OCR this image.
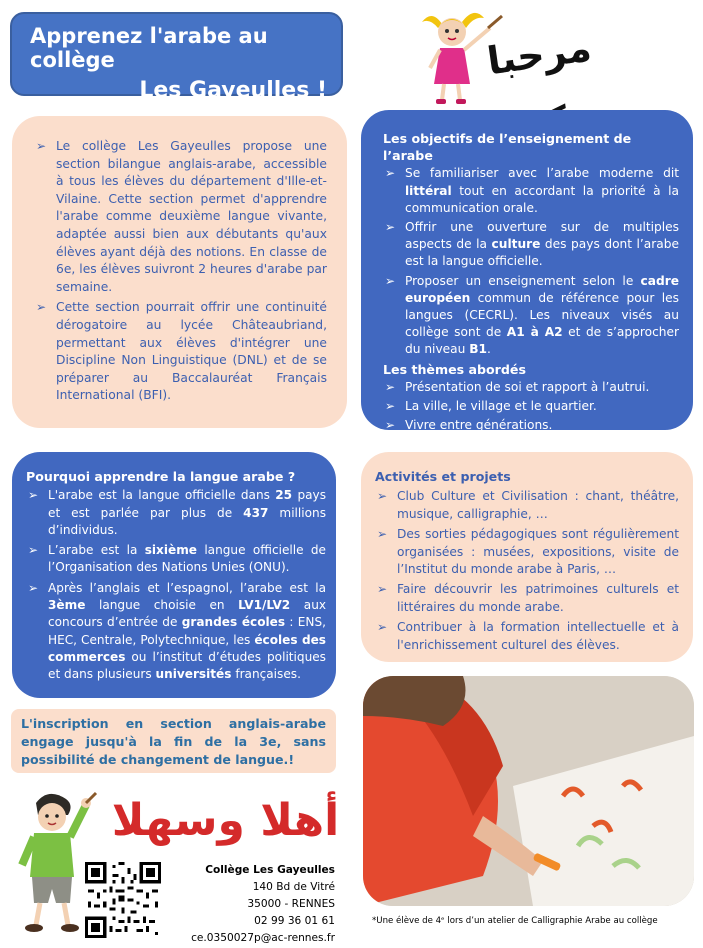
Apprenez l'arabe au collège
Les Gayeulles !
مرحبا
➢ Le collège Les Gayeulles propose une section bilangue anglais-arabe, accessible à tous les élèves du département d'Ille-et-Vilaine. Cette section permet d'apprendre l'arabe comme deuxième langue vivante, adaptée aussi bien aux débutants qu'aux élèves ayant déjà des notions. En classe de 6e, les élèves suivront 2 heures d'arabe par semaine.
➢ Cette section pourrait offrir une continuité dérogatoire au lycée Châteaubriand, permettant aux élèves d'intégrer une Discipline Non Linguistique (DNL) et de se préparer au Baccalauréat Français International (BFI).
Les objectifs de l’enseignement de l’arabe
➢ Se familiariser avec l’arabe moderne dit littéral tout en accordant la priorité à la communication orale.
➢ Offrir une ouverture sur de multiples aspects de la culture des pays dont l’arabe est la langue officielle.
➢ Proposer un enseignement selon le cadre européen commun de référence pour les langues (CECRL). Les niveaux visés au collège sont de A1 à A2 et de s’approcher du niveau B1.
Les thèmes abordés
➢ Présentation de soi et rapport à l’autrui.
➢ La ville, le village et le quartier.
➢ Vivre entre générations.
Pourquoi apprendre la langue arabe ?
➢ L'arabe est la langue officielle dans 25 pays et est parlée par plus de 437 millions d’individus.
➢ L’arabe est la sixième langue officielle de l’Organisation des Nations Unies (ONU).
➢ Après l’anglais et l’espagnol, l’arabe est la 3ème langue choisie en LV1/LV2 aux concours d’entrée de grandes écoles : ENS, HEC, Centrale, Polytechnique, les écoles des commerces ou l’institut d’études politiques et dans plusieurs universités françaises.
Activités et projets
➢ Club Culture et Civilisation : chant, théâtre, musique, calligraphie, …
➢ Des sorties pédagogiques sont régulièrement organisées : musées, expositions, visite de l’Institut du monde arabe à Paris, …
➢ Faire découvrir les patrimoines culturels et littéraires du monde arabe.
➢ Contribuer à la formation intellectuelle et à l'enrichissement culturel des élèves.
L'inscription en section anglais-arabe engage jusqu'à la fin de la 3e, sans possibilité de changement de langue.!
*Une élève de 4ᵉ lors d’un atelier de Calligraphie Arabe au collège
أهلا وسهلا
Collège Les Gayeulles
140 Bd de Vitré
35000 - RENNES
02 99 36 01 61
ce.0350027p@ac-rennes.fr
